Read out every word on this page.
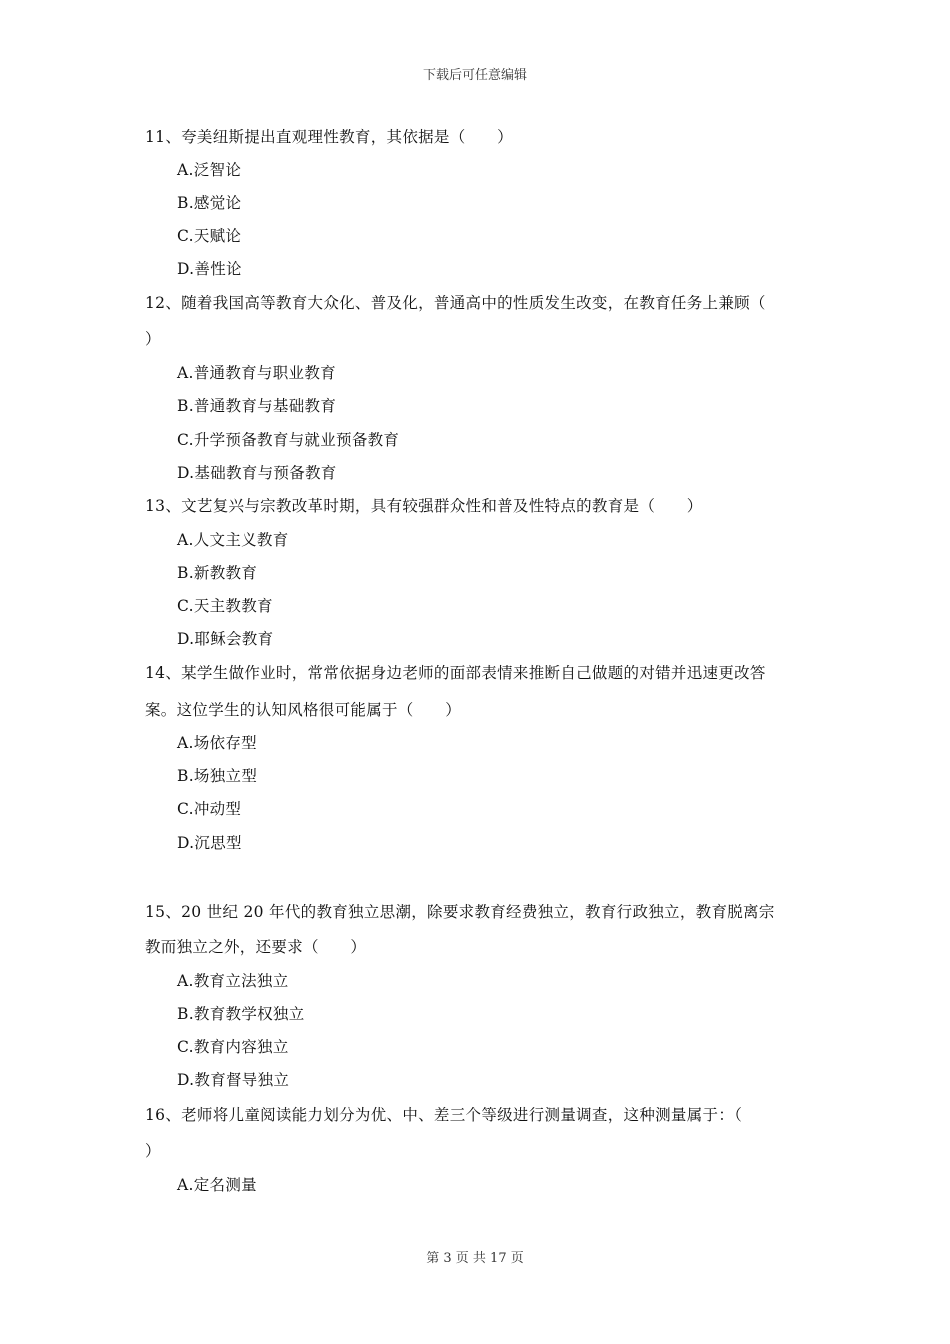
下载后可任意编辑
11、夸美纽斯提出直观理性教育，其依据是（　　）
A.泛智论
B.感觉论
C.天赋论
D.善性论
12、随着我国高等教育大众化、普及化，普通高中的性质发生改变，在教育任务上兼顾（
）
A.普通教育与职业教育
B.普通教育与基础教育
C.升学预备教育与就业预备教育
D.基础教育与预备教育
13、文艺复兴与宗教改革时期，具有较强群众性和普及性特点的教育是（　　）
A.人文主义教育
B.新教教育
C.天主教教育
D.耶稣会教育
14、某学生做作业时，常常依据身边老师的面部表情来推断自己做题的对错并迅速更改答
案。这位学生的认知风格很可能属于（　　）
A.场依存型
B.场独立型
C.冲动型
D.沉思型
15、20 世纪 20 年代的教育独立思潮，除要求教育经费独立，教育行政独立，教育脱离宗
教而独立之外，还要求（　　）
A.教育立法独立
B.教育教学权独立
C.教育内容独立
D.教育督导独立
16、老师将儿童阅读能力划分为优、中、差三个等级进行测量调查，这种测量属于：（
）
A.定名测量
第 3 页 共 17 页
